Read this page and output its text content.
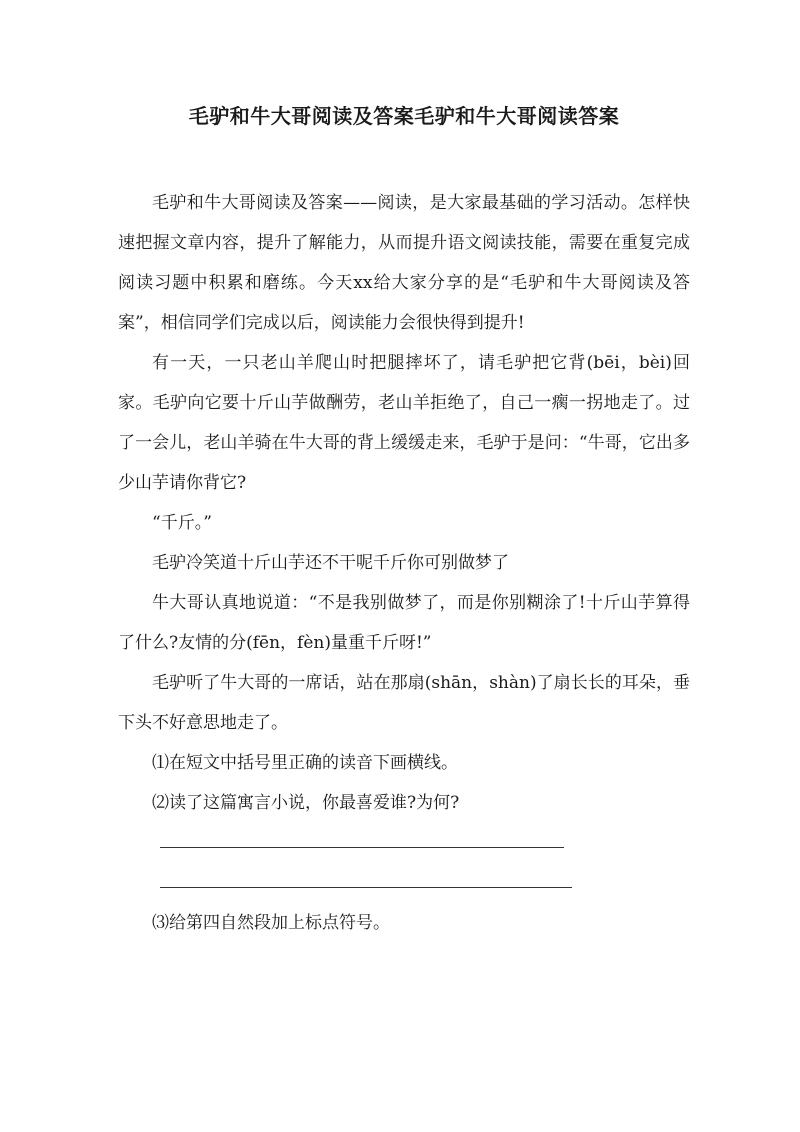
毛驴和牛大哥阅读及答案毛驴和牛大哥阅读答案

毛驴和牛大哥阅读及答案——阅读，是大家最基础的学习活动。怎样快速把握文章内容，提升了解能力，从而提升语文阅读技能，需要在重复完成阅读习题中积累和磨练。今天xx给大家分享的是“毛驴和牛大哥阅读及答案”，相信同学们完成以后，阅读能力会很快得到提升!

有一天，一只老山羊爬山时把腿摔坏了，请毛驴把它背(bēi，bèi)回家。毛驴向它要十斤山芋做酬劳，老山羊拒绝了，自己一瘸一拐地走了。过了一会儿，老山羊骑在牛大哥的背上缓缓走来，毛驴于是问：“牛哥，它出多少山芋请你背它?

“千斤。”

毛驴冷笑道十斤山芋还不干呢千斤你可别做梦了

牛大哥认真地说道：“不是我别做梦了，而是你别糊涂了!十斤山芋算得了什么?友情的分(fēn，fèn)量重千斤呀!”

毛驴听了牛大哥的一席话，站在那扇(shān，shàn)了扇长长的耳朵，垂下头不好意思地走了。

⑴在短文中括号里正确的读音下画横线。

⑵读了这篇寓言小说，你最喜爱谁?为何?

⑶给第四自然段加上标点符号。
